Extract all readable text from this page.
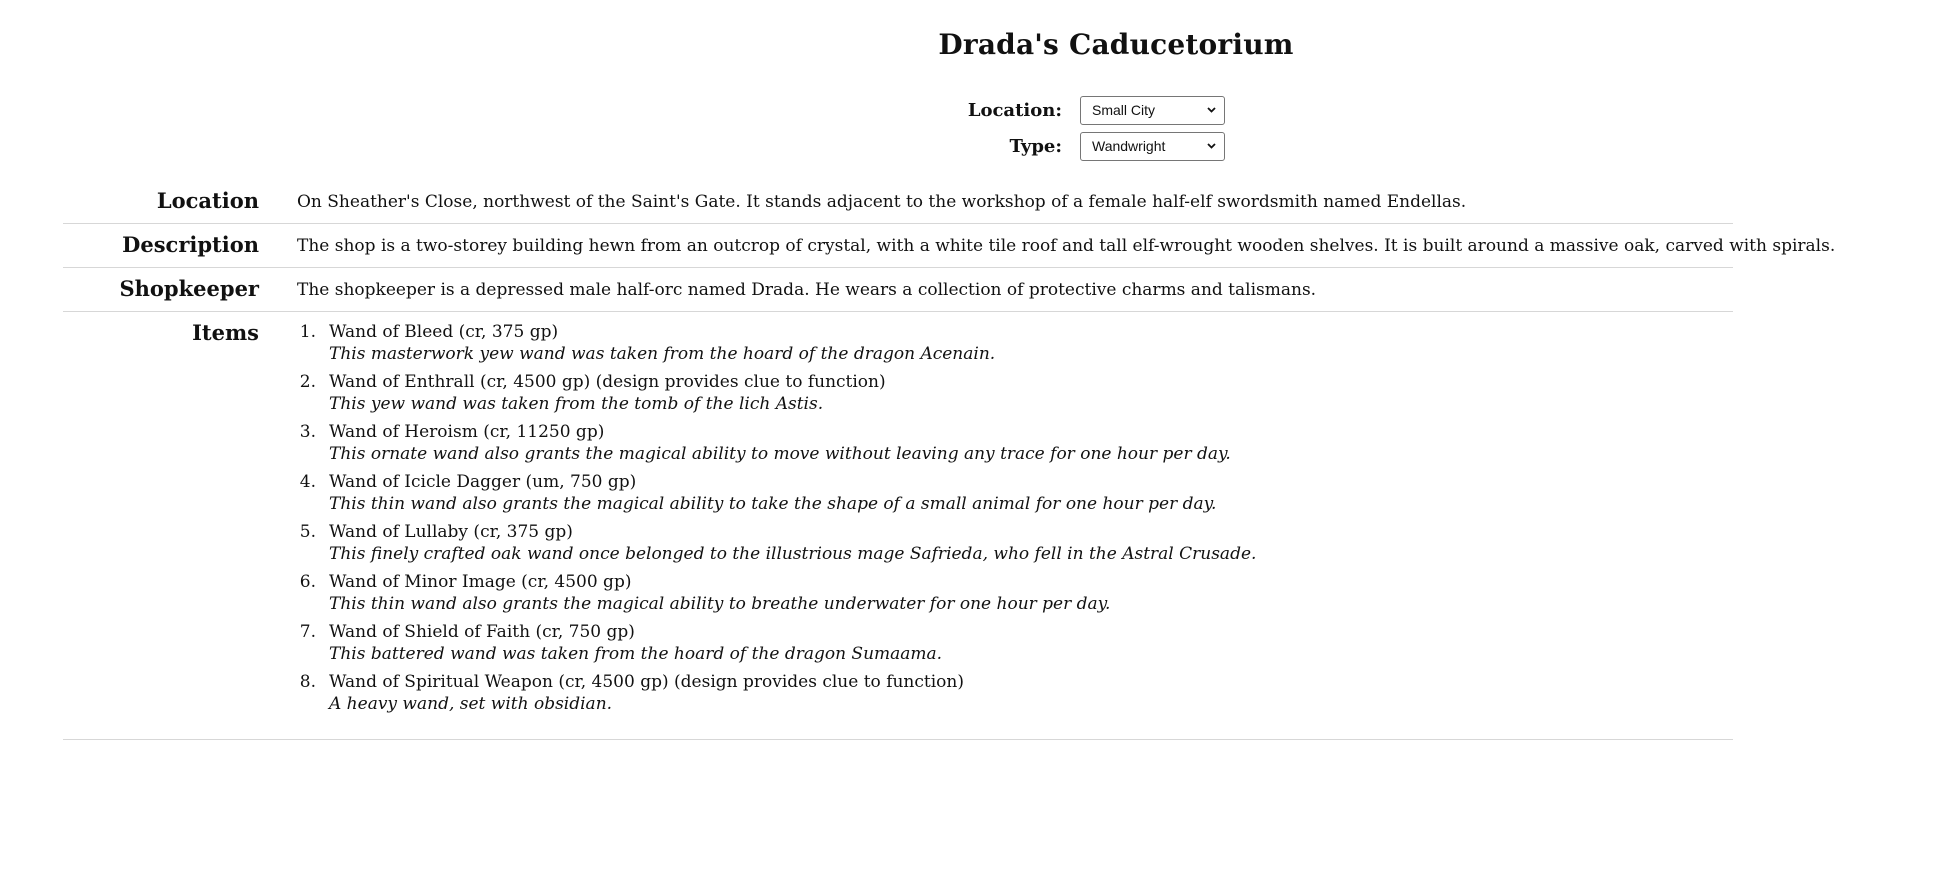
Drada's Caducetorium
Location:	Small City
Type:	Wandwright
Location	On Sheather's Close, northwest of the Saint's Gate. It stands adjacent to the workshop of a female half-elf swordsmith named Endellas.
Description	The shop is a two-storey building hewn from an outcrop of crystal, with a white tile roof and tall elf-wrought wooden shelves. It is built around a massive oak, carved with spirals.
Shopkeeper	The shopkeeper is a depressed male half-orc named Drada. He wears a collection of protective charms and talismans.
Items 1. Wand of Bleed (cr, 375 gp)
This masterwork yew wand was taken from the hoard of the dragon Acenain.
2. Wand of Enthrall (cr, 4500 gp) (design provides clue to function)
This yew wand was taken from the tomb of the lich Astis.
3. Wand of Heroism (cr, 11250 gp)
This ornate wand also grants the magical ability to move without leaving any trace for one hour per day.
4. Wand of Icicle Dagger (um, 750 gp)
This thin wand also grants the magical ability to take the shape of a small animal for one hour per day.
5. Wand of Lullaby (cr, 375 gp)
This finely crafted oak wand once belonged to the illustrious mage Safrieda, who fell in the Astral Crusade.
6. Wand of Minor Image (cr, 4500 gp)
This thin wand also grants the magical ability to breathe underwater for one hour per day.
7. Wand of Shield of Faith (cr, 750 gp)
This battered wand was taken from the hoard of the dragon Sumaama.
8. Wand of Spiritual Weapon (cr, 4500 gp) (design provides clue to function)
A heavy wand, set with obsidian.
